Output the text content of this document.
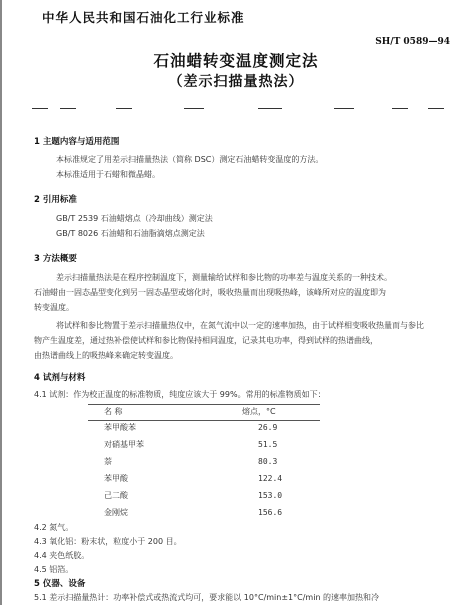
中华人民共和国石油化工行业标准
SH/T 0589—94
石油蜡转变温度测定法
（差示扫描量热法）
1 主题内容与适用范围
本标准规定了用差示扫描量热法（简称 DSC）测定石油蜡转变温度的方法。
本标准适用于石蜡和微晶蜡。
2 引用标准
GB/T 2539 石油蜡熔点（冷却曲线）测定法
GB/T 8026 石油蜡和石油脂滴熔点测定法
3 方法概要
差示扫描量热法是在程序控制温度下，测量输给试样和参比物的功率差与温度关系的一种技术。
石油蜡由一固态晶型变化到另一固态晶型或熔化时，吸收热量而出现吸热峰，该峰所对应的温度即为
转变温度。
将试样和参比物置于差示扫描量热仪中，在氮气流中以一定的速率加热，由于试样相变吸收热量而与参比
物产生温度差，通过热补偿使试样和参比物保持相同温度，记录其电功率，得到试样的热谱曲线，
由热谱曲线上的吸热峰来确定转变温度。
4 试剂与材料
4.1 试剂：作为校正温度的标准物质，纯度应该大于 99%。常用的标准物质如下：
名 称	熔点，°C
苯甲酸苯	26.9
对硝基甲苯	51.5
萘	80.3
苯甲酸	122.4
己二酸	153.0
金刚烷	156.6
4.2 氮气。
4.3 氧化铝：粉末状，粒度小于 200 目。
4.4 夹色纸胶。
4.5 铝箔。
5 仪器、设备
5.1 差示扫描量热计：功率补偿式或热流式均可，要求能以 10°C/min±1°C/min 的速率加热和冷
